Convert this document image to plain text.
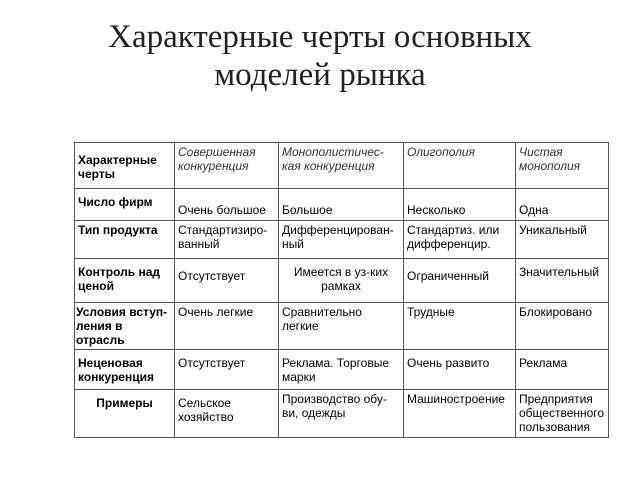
Характерные черты основных
моделей рынка
Характерные черты	Совершенная конкуренция	Монополистичес-кая конкуренция	Олигополия	Чистая монополия
Число фирм	Очень большое	Большое	Несколько	Одна
Тип продукта	Стандартизиро-ванный	Дифференцирован-ный	Стандартиз. или дифференцир.	Уникальный
Контроль над ценой	Отсутствует	Имеется в уз-ких рамках	Ограниченный	Значительный
Условия вступ-ления в отрасль	Очень легкие	Сравнительно легкие	Трудные	Блокировано
Неценовая конкуренция	Отсутствует	Реклама. Торговые марки	Очень развито	Реклама
Примеры	Сельское хозяйство	Производство обу-ви, одежды	Машиностроение	Предприятия общественного пользования
